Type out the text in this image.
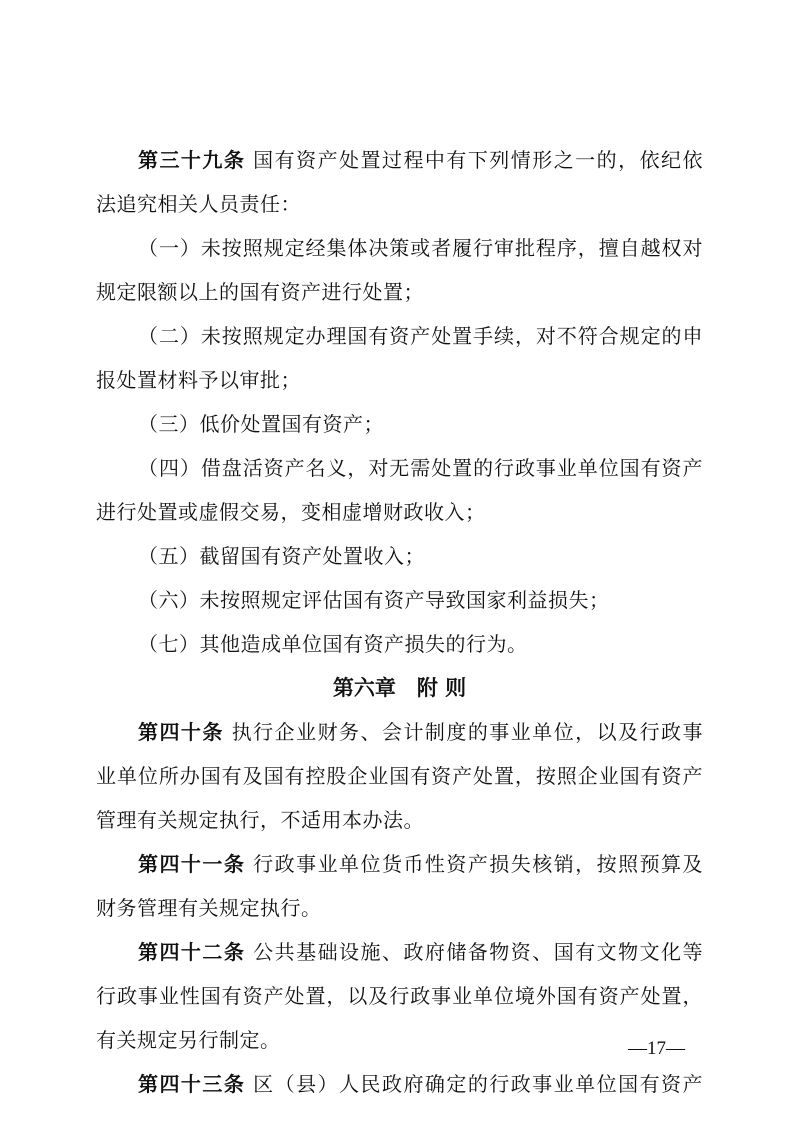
第三十九条 国有资产处置过程中有下列情形之一的，依纪依
法追究相关人员责任：
（一）未按照规定经集体决策或者履行审批程序，擅自越权对
规定限额以上的国有资产进行处置；
（二）未按照规定办理国有资产处置手续，对不符合规定的申
报处置材料予以审批；
（三）低价处置国有资产；
（四）借盘活资产名义，对无需处置的行政事业单位国有资产
进行处置或虚假交易，变相虚增财政收入；
（五）截留国有资产处置收入；
（六）未按照规定评估国有资产导致国家利益损失；
（七）其他造成单位国有资产损失的行为。
第六章　附 则
第四十条 执行企业财务、会计制度的事业单位，以及行政事
业单位所办国有及国有控股企业国有资产处置，按照企业国有资产
管理有关规定执行，不适用本办法。
第四十一条 行政事业单位货币性资产损失核销，按照预算及
财务管理有关规定执行。
第四十二条 公共基础设施、政府储备物资、国有文物文化等
行政事业性国有资产处置，以及行政事业单位境外国有资产处置，
有关规定另行制定。
第四十三条 区（县）人民政府确定的行政事业单位国有资产
—17—
